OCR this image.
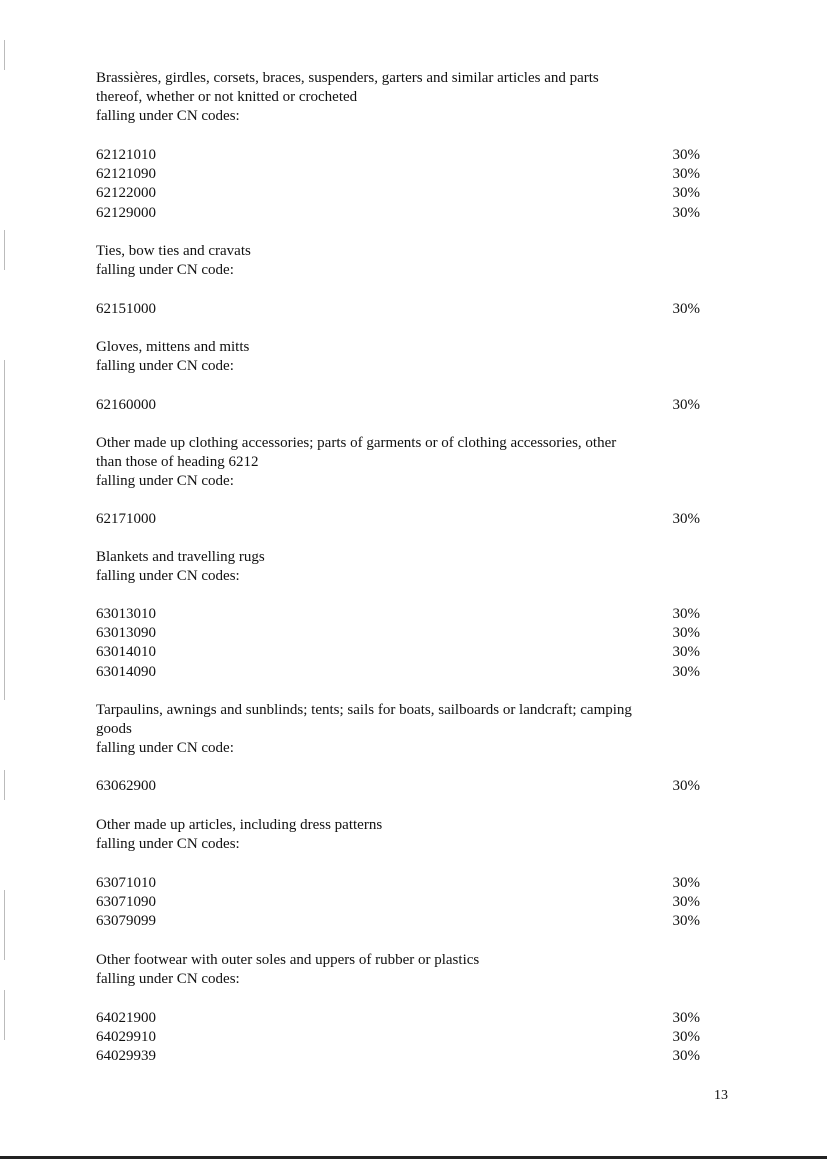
Brassières, girdles, corsets, braces, suspenders, garters and similar articles and parts
thereof, whether or not knitted or crocheted
falling under CN codes:
62121010	30%
62121090	30%
62122000	30%
62129000	30%
Ties, bow ties and cravats
falling under CN code:
62151000	30%
Gloves, mittens and mitts
falling under CN code:
62160000	30%
Other made up clothing accessories; parts of garments or of clothing accessories, other
than those of heading 6212
falling under CN code:
62171000	30%
Blankets and travelling rugs
falling under CN codes:
63013010	30%
63013090	30%
63014010	30%
63014090	30%
Tarpaulins, awnings and sunblinds; tents; sails for boats, sailboards or landcraft; camping
goods
falling under CN code:
63062900	30%
Other made up articles, including dress patterns
falling under CN codes:
63071010	30%
63071090	30%
63079099	30%
Other footwear with outer soles and uppers of rubber or plastics
falling under CN codes:
64021900	30%
64029910	30%
64029939	30%
13
